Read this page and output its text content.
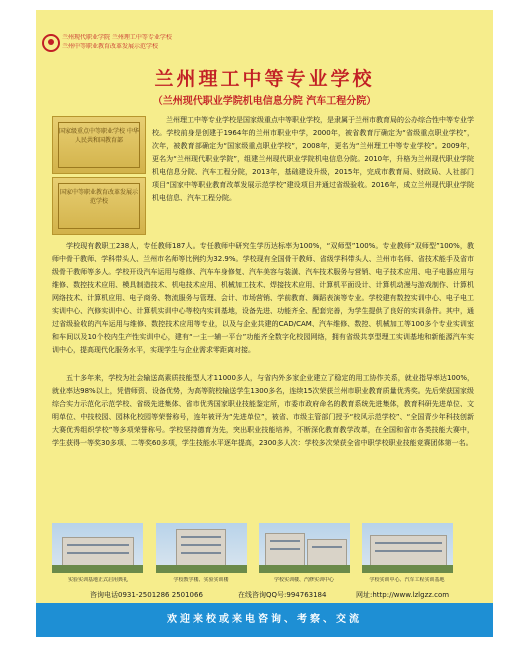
兰州现代职业学院 兰州理工中等专业学校
兰州中等职业教育改革发展示范学校
兰州理工中等专业学校
（兰州现代职业学院机电信息分院 汽车工程分院）
国家级重点中等职业学校 中华人民共和国教育部
国家中等职业教育改革发展示范学校

兰州理工中等专业学校是国家级重点中等职业学校，是隶属于兰州市教育局的公办综合性中等专业学校。学校前身是创建于1964年的兰州市职业中学，2000年，被省教育厅确定为“省级重点职业学校”，次年，被教育部确定为“国家级重点职业学校”，2008年，更名为“兰州理工中等专业学校”。2009年，更名为“兰州现代职业学院”，组建兰州现代职业学院机电信息分院。2010年，升格为兰州现代职业学院机电信息分院、汽车工程分院，2013年，基础建设升级，2015年，完成市教育局、财政局、人社部门项目“国家中等职业教育改革发展示范学校”建设项目并通过省级验收。2016年，成立兰州现代职业学院机电信息、汽车工程分院。

学校现有教职工238人，专任教师187人。专任教师中研究生学历达标率为100%，“双师型”100%。专业教师“双师型”100%，教师中骨干教师、学科带头人、兰州市名师等比例约为32.9%。学校现有全国骨干教师、省级学科带头人、兰州市名师、省技术能手及省市级骨干教师等多人。学校开设汽车运用与维修、汽车车身修复、汽车美容与装潢、汽车技术服务与营销、电子技术应用、电子电器应用与维修、数控技术应用、模具制造技术、机电技术应用、机械加工技术、焊接技术应用、计算机平面设计、计算机动漫与游戏制作、计算机网络技术、计算机应用、电子商务、物流服务与管理、会计、市场营销、学前教育、舞蹈表演等专业。学校建有数控实训中心、电子电工实训中心、汽修实训中心、计算机实训中心等校内实训基地，设备先进、功能齐全、配套完善，为学生提供了良好的实训条件。其中，通过省级验收的汽车运用与维修、数控技术应用等专业，以及与企业共建的CAD/CAM、汽车维修、数控、机械加工等100多个专业实训室和车间以及10个校内生产性实训中心，建有“一主一辅一平台”功能齐全数字化校园网络，拥有省级共享型理工实训基地和新能源汽车实训中心，提高现代化服务水平，实现学生与企业需求零距离对接。

五十多年来，学校为社会输送高素质技能型人才11000多人，与省内外多家企业建立了稳定的用工协作关系，就业指导率达100%，就业率达98%以上，凭借师资、设备优势，为高等院校输送学生1300多名，连续15次荣获兰州市职业教育质量优秀奖。先后荣获国家级综合实力示范化示范学校、省级先进集体、省市优秀国家职业技能鉴定所，市委市政府命名的教育系统先进集体，教育科研先进单位、文明单位、中技校园、园林化校园等荣誉称号，连年被评为“先进单位”，被省、市级主管部门授予“校风示范学校”、“全国青少年科技创新大赛优秀组织学校”等多项荣誉称号。学校坚持德育为先，突出职业技能培养，不断深化教育教学改革，在全国和省市各类技能大赛中，学生获得一等奖30多项、二等奖60多项，学生技能水平逐年提高，2300多人次：学校多次荣获全省中职学校职业技能竞赛团体第一名。

实验实训基地正式启用典礼	学校教学楼、实验实训楼	学校实训楼、汽修实训中心	学校实训中心、汽车工程实训基地
咨询电话0931-2501286 2501066	在线咨询QQ号:994763184	网址:http://www.lzlgzz.com
欢迎来校或来电咨询、考察、交流
